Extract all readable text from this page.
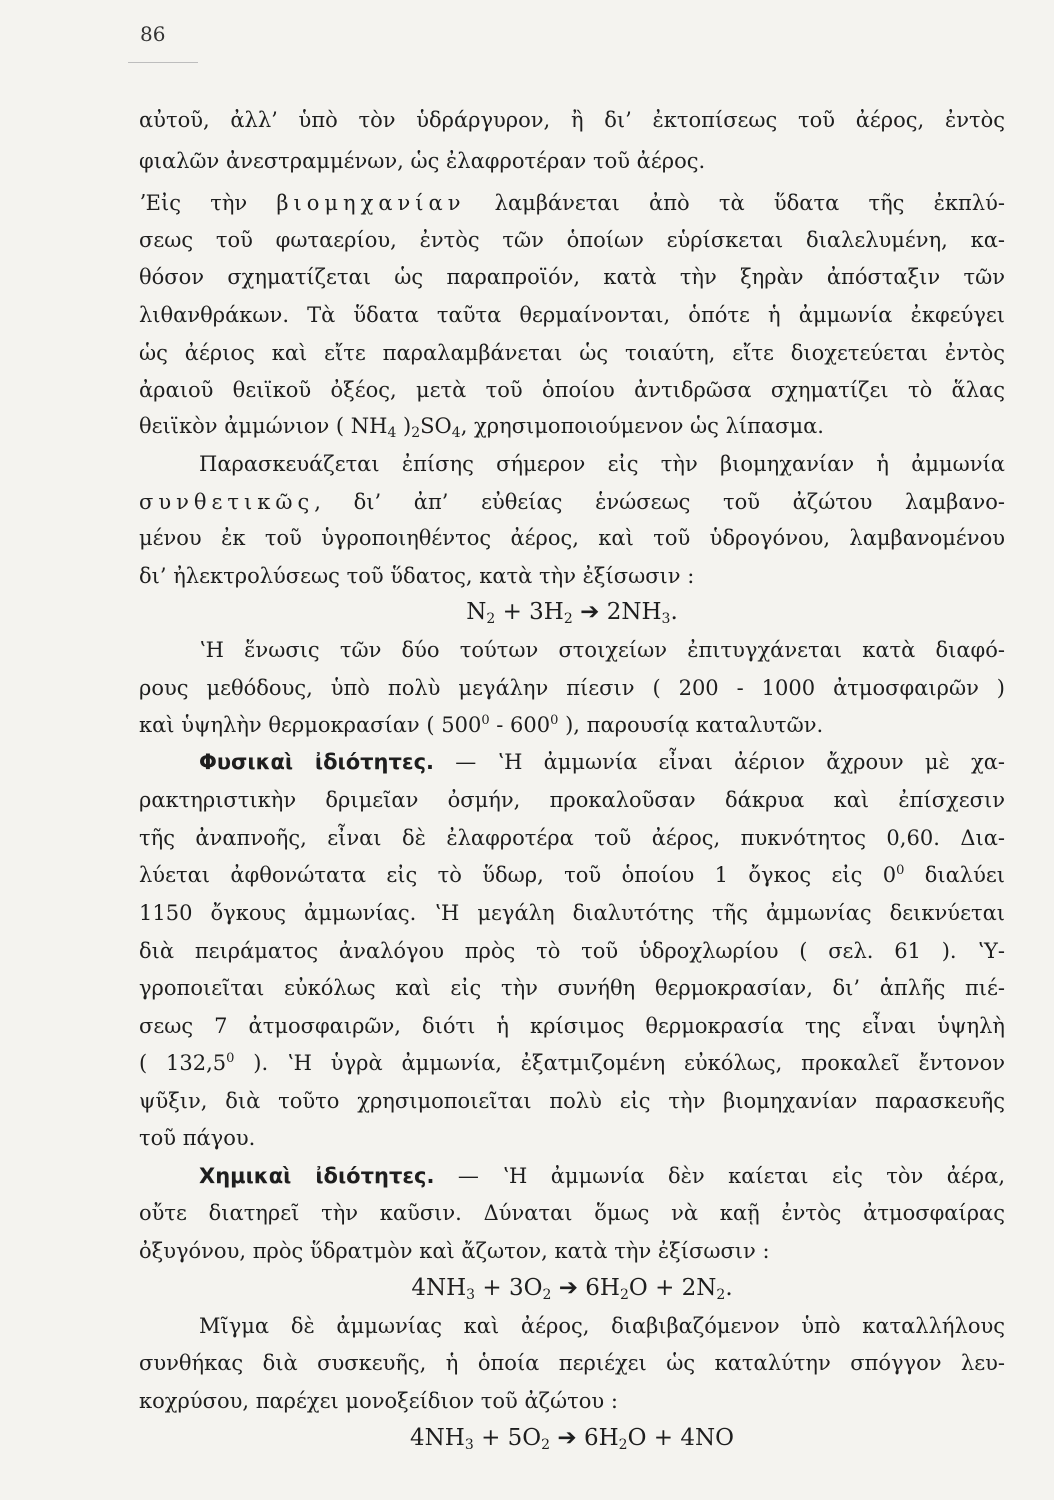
86
αὐτοῦ, ἀλλ’ ὑπὸ τὸν ὑδράργυρον, ἢ δι’ ἐκτοπίσεως τοῦ ἀέρος, ἐντὸς
φιαλῶν ἀνεστραμμένων, ὡς ἐλαφροτέραν τοῦ ἀέρος.
ʼΕἰς τὴν βιομηχανίαν λαμβάνεται ἀπὸ τὰ ὕδατα τῆς ἐκπλύ-
σεως τοῦ φωταερίου, ἐντὸς τῶν ὁποίων εὑρίσκεται διαλελυμένη, κα-
θόσον σχηματίζεται ὡς παραπροϊόν, κατὰ τὴν ξηρὰν ἀπόσταξιν τῶν
λιθανθράκων. Τὰ ὕδατα ταῦτα θερμαίνονται, ὁπότε ἡ ἀμμωνία ἐκφεύγει
ὡς ἀέριος καὶ εἴτε παραλαμβάνεται ὡς τοιαύτη, εἴτε διοχετεύεται ἐντὸς
ἀραιοῦ θειϊκοῦ ὀξέος, μετὰ τοῦ ὁποίου ἀντιδρῶσα σχηματίζει τὸ ἅλας
θειϊκὸν ἀμμώνιον ( $NH_4$ )$_2SO_4$, χρησιμοποιούμενον ὡς λίπασμα.
Παρασκευάζεται ἐπίσης σήμερον εἰς τὴν βιομηχανίαν ἡ ἀμμωνία
συνθετικῶς, δι’ ἀπ’ εὐθείας ἑνώσεως τοῦ ἀζώτου λαμβανο-
μένου ἐκ τοῦ ὑγροποιηθέντος ἀέρος, καὶ τοῦ ὑδρογόνου, λαμβανομένου
δι’ ἠλεκτρολύσεως τοῦ ὕδατος, κατὰ τὴν ἐξίσωσιν :
$N_2 + 3H_2$ ➔ $2NH_3$.
ʽΗ ἕνωσις τῶν δύο τούτων στοιχείων ἐπιτυγχάνεται κατὰ διαφό-
ρους μεθόδους, ὑπὸ πολὺ μεγάλην πίεσιν ( 200 - 1000 ἀτμοσφαιρῶν )
καὶ ὑψηλὴν θερμοκρασίαν ( $500^0 - 600^0$ ), παρουσίᾳ καταλυτῶν.
Φυσικαὶ ἰδιότητες. — ʽΗ ἀμμωνία εἶναι ἀέριον ἄχρουν μὲ χα-
ρακτηριστικὴν δριμεῖαν ὀσμήν, προκαλοῦσαν δάκρυα καὶ ἐπίσχεσιν
τῆς ἀναπνοῆς, εἶναι δὲ ἐλαφροτέρα τοῦ ἀέρος, πυκνότητος 0,60. Δια-
λύεται ἀφθονώτατα εἰς τὸ ὕδωρ, τοῦ ὁποίου 1 ὄγκος εἰς $0^0$ διαλύει
1150 ὄγκους ἀμμωνίας. ʽΗ μεγάλη διαλυτότης τῆς ἀμμωνίας δεικνύεται
διὰ πειράματος ἀναλόγου πρὸς τὸ τοῦ ὑδροχλωρίου ( σελ. 61 ). ʽΥ-
γροποιεῖται εὐκόλως καὶ εἰς τὴν συνήθη θερμοκρασίαν, δι’ ἁπλῆς πιέ-
σεως 7 ἀτμοσφαιρῶν, διότι ἡ κρίσιμος θερμοκρασία της εἶναι ὑψηλὴ
( 132,5$^0$ ). ʽΗ ὑγρὰ ἀμμωνία, ἐξατμιζομένη εὐκόλως, προκαλεῖ ἔντονον
ψῦξιν, διὰ τοῦτο χρησιμοποιεῖται πολὺ εἰς τὴν βιομηχανίαν παρασκευῆς
τοῦ πάγου.
Χημικαὶ ἰδιότητες. — ʽΗ ἀμμωνία δὲν καίεται εἰς τὸν ἀέρα,
οὔτε διατηρεῖ τὴν καῦσιν. Δύναται ὅμως νὰ καῇ ἐντὸς ἀτμοσφαίρας
ὀξυγόνου, πρὸς ὕδρατμὸν καὶ ἄζωτον, κατὰ τὴν ἐξίσωσιν :
$4NH_3 + 3O_2$ ➔ $6H_2O + 2N_2$.
Μῖγμα δὲ ἀμμωνίας καὶ ἀέρος, διαβιβαζόμενον ὑπὸ καταλλήλους
συνθήκας διὰ συσκευῆς, ἡ ὁποία περιέχει ὡς καταλύτην σπόγγον λευ-
κοχρύσου, παρέχει μονοξείδιον τοῦ ἀζώτου :
$4NH_3 + 5O_2$ ➔ $6H_2O + 4NO$
